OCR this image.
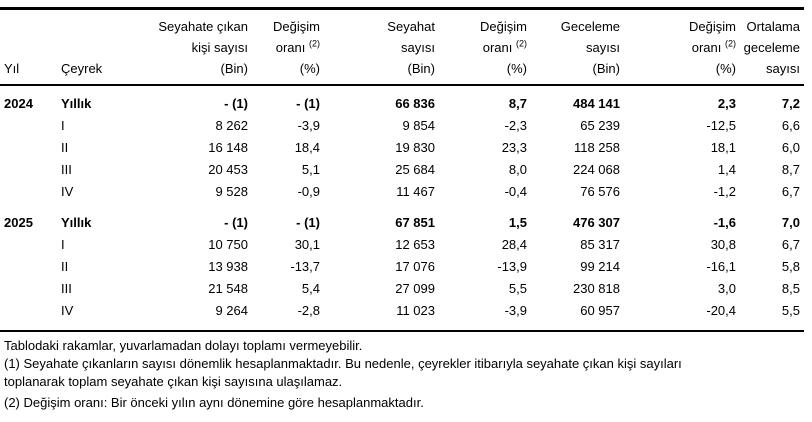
Yıl	Çeyrek

Seyahate çıkan
kişi sayısı
(Bin)

Değişim
oranı $^{(2)}$
(%)

Seyahat
sayısı
(Bin)

Değişim
oranı $^{(2)}$
(%)

Geceleme
sayısı
(Bin)

Değişim
oranı $^{(2)}$
(%)

Ortalama
geceleme
sayısı

2024	Yıllık	- (1)	- (1)	66 836	8,7	484 141	2,3	7,2
	I	8 262	-3,9	9 854	-2,3	65 239	-12,5	6,6
	II	16 148	18,4	19 830	23,3	118 258	18,1	6,0
	III	20 453	5,1	25 684	8,0	224 068	1,4	8,7
	IV	9 528	-0,9	11 467	-0,4	76 576	-1,2	6,7
2025	Yıllık	- (1)	- (1)	67 851	1,5	476 307	-1,6	7,0
	I	10 750	30,1	12 653	28,4	85 317	30,8	6,7
	II	13 938	-13,7	17 076	-13,9	99 214	-16,1	5,8
	III	21 548	5,4	27 099	5,5	230 818	3,0	8,5
	IV	9 264	-2,8	11 023	-3,9	60 957	-20,4	5,5

Tablodaki rakamlar, yuvarlamadan dolayı toplamı vermeyebilir.

(1) Seyahate çıkanların sayısı dönemlik hesaplanmaktadır. Bu nedenle, çeyrekler itibarıyla seyahate çıkan kişi sayıları

toplanarak toplam seyahate çıkan kişi sayısına ulaşılamaz.

(2) Değişim oranı: Bir önceki yılın aynı dönemine göre hesaplanmaktadır.
